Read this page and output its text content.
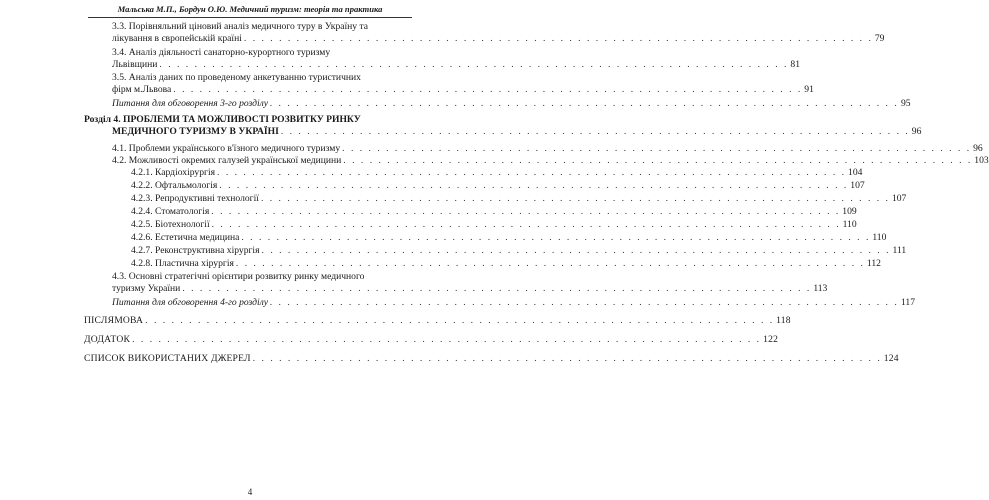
Мальська М.П., Бордун О.Ю. Медичний туризм: теорія та практика
3.3. Порівняльний ціновий аналіз медичного туру в Україну та
лікування в європейській країні . . . . . . . . . . . . . . . . . . . . . . . . . . . . . . . . . . . . . . . . . . . . . . . . . . . . . . . . . . . . . . . . . . . . . . . . 79
3.4. Аналіз діяльності санаторно-курортного туризму
Львівщини . . . . . . . . . . . . . . . . . . . . . . . . . . . . . . . . . . . . . . . . . . . . . . . . . . . . . . . . . . . . . . . . . . . . . . . . 81
3.5. Аналіз даних по проведеному анкетуванню туристичних
фірм м.Львова . . . . . . . . . . . . . . . . . . . . . . . . . . . . . . . . . . . . . . . . . . . . . . . . . . . . . . . . . . . . . . . . . . . . . . . . 91
Питання для обговорення 3-го розділу . . . . . . . . . . . . . . . . . . . . . . . . . . . . . . . . . . . . . . . . . . . . . . . . . . . . . . . . . . . . . . . . . . . . . . . . 95
Розділ 4. ПРОБЛЕМИ ТА МОЖЛИВОСТІ РОЗВИТКУ РИНКУ
МЕДИЧНОГО ТУРИЗМУ В УКРАЇНІ . . . . . . . . . . . . . . . . . . . . . . . . . . . . . . . . . . . . . . . . . . . . . . . . . . . . . . . . . . . . . . . . . . . . . . . . 96
4.1. Проблеми українського в'їзного медичного туризму . . . . . . . . . . . . . . . . . . . . . . . . . . . . . . . . . . . . . . . . . . . . . . . . . . . . . . . . . . . . . . . . . . . . . . . . 96
4.2. Можливості окремих галузей української медицини . . . . . . . . . . . . . . . . . . . . . . . . . . . . . . . . . . . . . . . . . . . . . . . . . . . . . . . . . . . . . . . . . . . . . . . . 103
4.2.1. Кардіохірургія . . . . . . . . . . . . . . . . . . . . . . . . . . . . . . . . . . . . . . . . . . . . . . . . . . . . . . . . . . . . . . . . . . . . . . . . 104
4.2.2. Офтальмологія . . . . . . . . . . . . . . . . . . . . . . . . . . . . . . . . . . . . . . . . . . . . . . . . . . . . . . . . . . . . . . . . . . . . . . . . 107
4.2.3. Репродуктивні технології . . . . . . . . . . . . . . . . . . . . . . . . . . . . . . . . . . . . . . . . . . . . . . . . . . . . . . . . . . . . . . . . . . . . . . . . 107
4.2.4. Стоматологія . . . . . . . . . . . . . . . . . . . . . . . . . . . . . . . . . . . . . . . . . . . . . . . . . . . . . . . . . . . . . . . . . . . . . . . . 109
4.2.5. Біотехнології . . . . . . . . . . . . . . . . . . . . . . . . . . . . . . . . . . . . . . . . . . . . . . . . . . . . . . . . . . . . . . . . . . . . . . . . 110
4.2.6. Естетична медицина . . . . . . . . . . . . . . . . . . . . . . . . . . . . . . . . . . . . . . . . . . . . . . . . . . . . . . . . . . . . . . . . . . . . . . . . 110
4.2.7. Реконструктивна хірургія . . . . . . . . . . . . . . . . . . . . . . . . . . . . . . . . . . . . . . . . . . . . . . . . . . . . . . . . . . . . . . . . . . . . . . . . 111
4.2.8. Пластична хірургія . . . . . . . . . . . . . . . . . . . . . . . . . . . . . . . . . . . . . . . . . . . . . . . . . . . . . . . . . . . . . . . . . . . . . . . . 112
4.3. Основні стратегічні орієнтири розвитку ринку медичного
туризму України . . . . . . . . . . . . . . . . . . . . . . . . . . . . . . . . . . . . . . . . . . . . . . . . . . . . . . . . . . . . . . . . . . . . . . . . 113
Питання для обговорення 4-го розділу . . . . . . . . . . . . . . . . . . . . . . . . . . . . . . . . . . . . . . . . . . . . . . . . . . . . . . . . . . . . . . . . . . . . . . . . 117
ПІСЛЯМОВА . . . . . . . . . . . . . . . . . . . . . . . . . . . . . . . . . . . . . . . . . . . . . . . . . . . . . . . . . . . . . . . . . . . . . . . . 118
ДОДАТОК . . . . . . . . . . . . . . . . . . . . . . . . . . . . . . . . . . . . . . . . . . . . . . . . . . . . . . . . . . . . . . . . . . . . . . . . 122
СПИСОК ВИКОРИСТАНИХ ДЖЕРЕЛ . . . . . . . . . . . . . . . . . . . . . . . . . . . . . . . . . . . . . . . . . . . . . . . . . . . . . . . . . . . . . . . . . . . . . . . . 124
4
